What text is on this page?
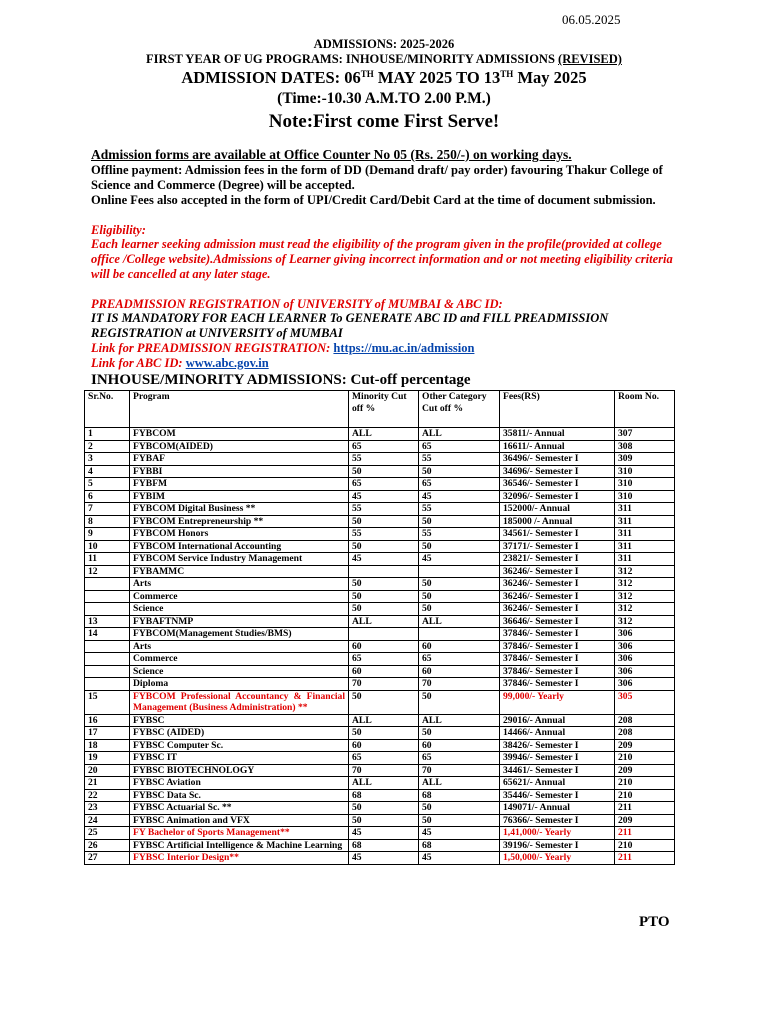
06.05.2025
ADMISSIONS: 2025-2026
FIRST YEAR OF UG PROGRAMS: INHOUSE/MINORITY ADMISSIONS (REVISED)
ADMISSION DATES: 06TH MAY 2025 TO 13TH May 2025
(Time:-10.30 A.M.TO 2.00 P.M.)
Note:First come First Serve!
Admission forms are available at Office Counter No 05 (Rs. 250/-) on working days.
Offline payment: Admission fees in the form of DD (Demand draft/ pay order) favouring Thakur College of Science and Commerce (Degree) will be accepted.
Online Fees also accepted in the form of UPI/Credit Card/Debit Card at the time of document submission.
Eligibility:
Each learner seeking admission must read the eligibility of the program given in the profile(provided at college office /College website).Admissions of Learner giving incorrect information and or not meeting eligibility criteria will be cancelled at any later stage.
PREADMISSION REGISTRATION of UNIVERSITY of MUMBAI & ABC ID:
IT IS MANDATORY FOR EACH LEARNER To GENERATE ABC ID and FILL PREADMISSION REGISTRATION at UNIVERSITY of MUMBAI
Link for PREADMISSION REGISTRATION: https://mu.ac.in/admission
Link for ABC ID: www.abc.gov.in
INHOUSE/MINORITY ADMISSIONS: Cut-off percentage
Sr.No.	Program	Minority Cut off %	Other Category Cut off %	Fees(RS)	Room No.
1	FYBCOM	ALL	ALL	35811/- Annual	307
2	FYBCOM(AIDED)	65	65	16611/- Annual	308
3	FYBAF	55	55	36496/- Semester I	309
4	FYBBI	50	50	34696/- Semester I	310
5	FYBFM	65	65	36546/- Semester I	310
6	FYBIM	45	45	32096/- Semester I	310
7	FYBCOM Digital Business **	55	55	152000/- Annual	311
8	FYBCOM Entrepreneurship **	50	50	185000 /- Annual	311
9	FYBCOM Honors	55	55	34561/- Semester I	311
10	FYBCOM International Accounting	50	50	37171/- Semester I	311
11	FYBCOM Service Industry Management	45	45	23821/- Semester I	311
12	FYBAMMC			36246/- Semester I	312
	Arts	50	50	36246/- Semester I	312
	Commerce	50	50	36246/- Semester I	312
	Science	50	50	36246/- Semester I	312
13	FYBAFTNMP	ALL	ALL	36646/- Semester I	312
14	FYBCOM(Management Studies/BMS)			37846/- Semester I	306
	Arts	60	60	37846/- Semester I	306
	Commerce	65	65	37846/- Semester I	306
	Science	60	60	37846/- Semester I	306
	Diploma	70	70	37846/- Semester I	306
15	FYBCOM Professional Accountancy & Financial Management (Business Administration) **	50	50	99,000/- Yearly	305
16	FYBSC	ALL	ALL	29016/- Annual	208
17	FYBSC (AIDED)	50	50	14466/- Annual	208
18	FYBSC Computer Sc.	60	60	38426/- Semester I	209
19	FYBSC IT	65	65	39946/- Semester I	210
20	FYBSC BIOTECHNOLOGY	70	70	34461/- Semester I	209
21	FYBSC Aviation	ALL	ALL	65621/- Annual	210
22	FYBSC Data Sc.	68	68	35446/- Semester I	210
23	FYBSC Actuarial Sc. **	50	50	149071/- Annual	211
24	FYBSC Animation and VFX	50	50	76366/- Semester I	209
25	FY Bachelor of Sports Management**	45	45	1,41,000/- Yearly	211
26	FYBSC Artificial Intelligence & Machine Learning	68	68	39196/- Semester I	210
27	FYBSC Interior Design**	45	45	1,50,000/- Yearly	211
PTO
